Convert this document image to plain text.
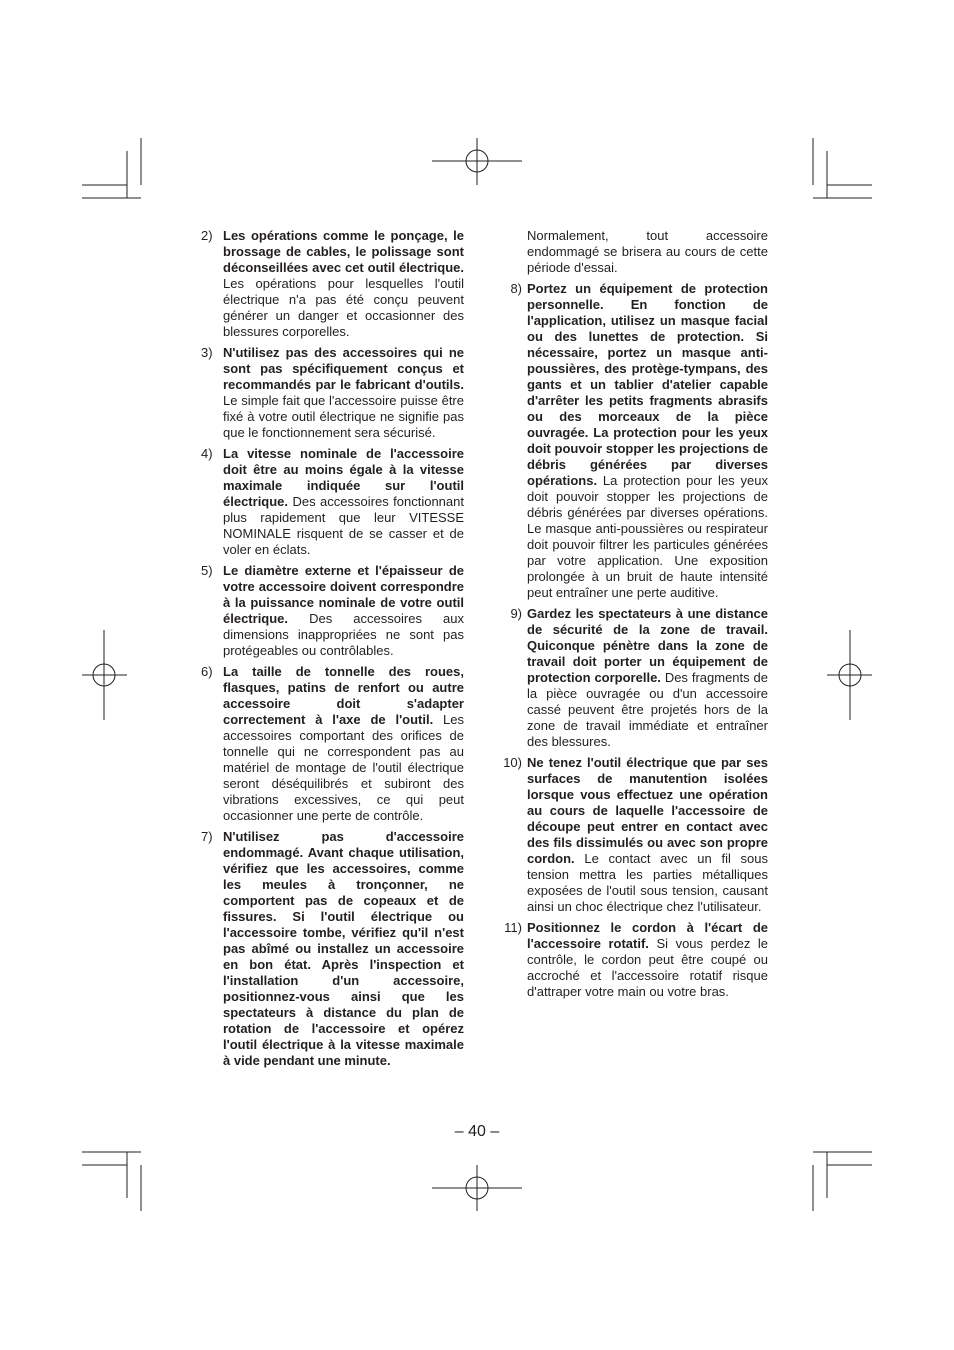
2) Les opérations comme le ponçage, le brossage de cables, le polissage sont déconseillées avec cet outil électrique. Les opérations pour lesquelles l'outil électrique n'a pas été conçu peuvent générer un danger et occasionner des blessures corporelles.
3) N'utilisez pas des accessoires qui ne sont pas spécifiquement conçus et recommandés par le fabricant d'outils. Le simple fait que l'accessoire puisse être fixé à votre outil électrique ne signifie pas que le fonctionnement sera sécurisé.
4) La vitesse nominale de l'accessoire doit être au moins égale à la vitesse maximale indiquée sur l'outil électrique. Des accessoires fonctionnant plus rapidement que leur VITESSE NOMINALE risquent de se casser et de voler en éclats.
5) Le diamètre externe et l'épaisseur de votre accessoire doivent correspondre à la puissance nominale de votre outil électrique. Des accessoires aux dimensions inappropriées ne sont pas protégeables ou contrôlables.
6) La taille de tonnelle des roues, flasques, patins de renfort ou autre accessoire doit s'adapter correctement à l'axe de l'outil. Les accessoires comportant des orifices de tonnelle qui ne correspondent pas au matériel de montage de l'outil électrique seront déséquilibrés et subiront des vibrations excessives, ce qui peut occasionner une perte de contrôle.
7) N'utilisez pas d'accessoire endommagé. Avant chaque utilisation, vérifiez que les accessoires, comme les meules à tronçonner, ne comportent pas de copeaux et de fissures. Si l'outil électrique ou l'accessoire tombe, vérifiez qu'il n'est pas abîmé ou installez un accessoire en bon état. Après l'inspection et l'installation d'un accessoire, positionnez-vous ainsi que les spectateurs à distance du plan de rotation de l'accessoire et opérez l'outil électrique à la vitesse maximale à vide pendant une minute.
Normalement, tout accessoire endommagé se brisera au cours de cette période d'essai.
8) Portez un équipement de protection personnelle. En fonction de l'application, utilisez un masque facial ou des lunettes de protection. Si nécessaire, portez un masque anti-poussières, des protège-tympans, des gants et un tablier d'atelier capable d'arrêter les petits fragments abrasifs ou des morceaux de la pièce ouvragée. La protection pour les yeux doit pouvoir stopper les projections de débris générées par diverses opérations. La protection pour les yeux doit pouvoir stopper les projections de débris générées par diverses opérations. Le masque anti-poussières ou respirateur doit pouvoir filtrer les particules générées par votre application. Une exposition prolongée à un bruit de haute intensité peut entraîner une perte auditive.
9) Gardez les spectateurs à une distance de sécurité de la zone de travail. Quiconque pénètre dans la zone de travail doit porter un équipement de protection corporelle. Des fragments de la pièce ouvragée ou d'un accessoire cassé peuvent être projetés hors de la zone de travail immédiate et entraîner des blessures.
10) Ne tenez l'outil électrique que par ses surfaces de manutention isolées lorsque vous effectuez une opération au cours de laquelle l'accessoire de découpe peut entrer en contact avec des fils dissimulés ou avec son propre cordon. Le contact avec un fil sous tension mettra les parties métalliques exposées de l'outil sous tension, causant ainsi un choc électrique chez l'utilisateur.
11) Positionnez le cordon à l'écart de l'accessoire rotatif. Si vous perdez le contrôle, le cordon peut être coupé ou accroché et l'accessoire rotatif risque d'attraper votre main ou votre bras.
– 40 –
